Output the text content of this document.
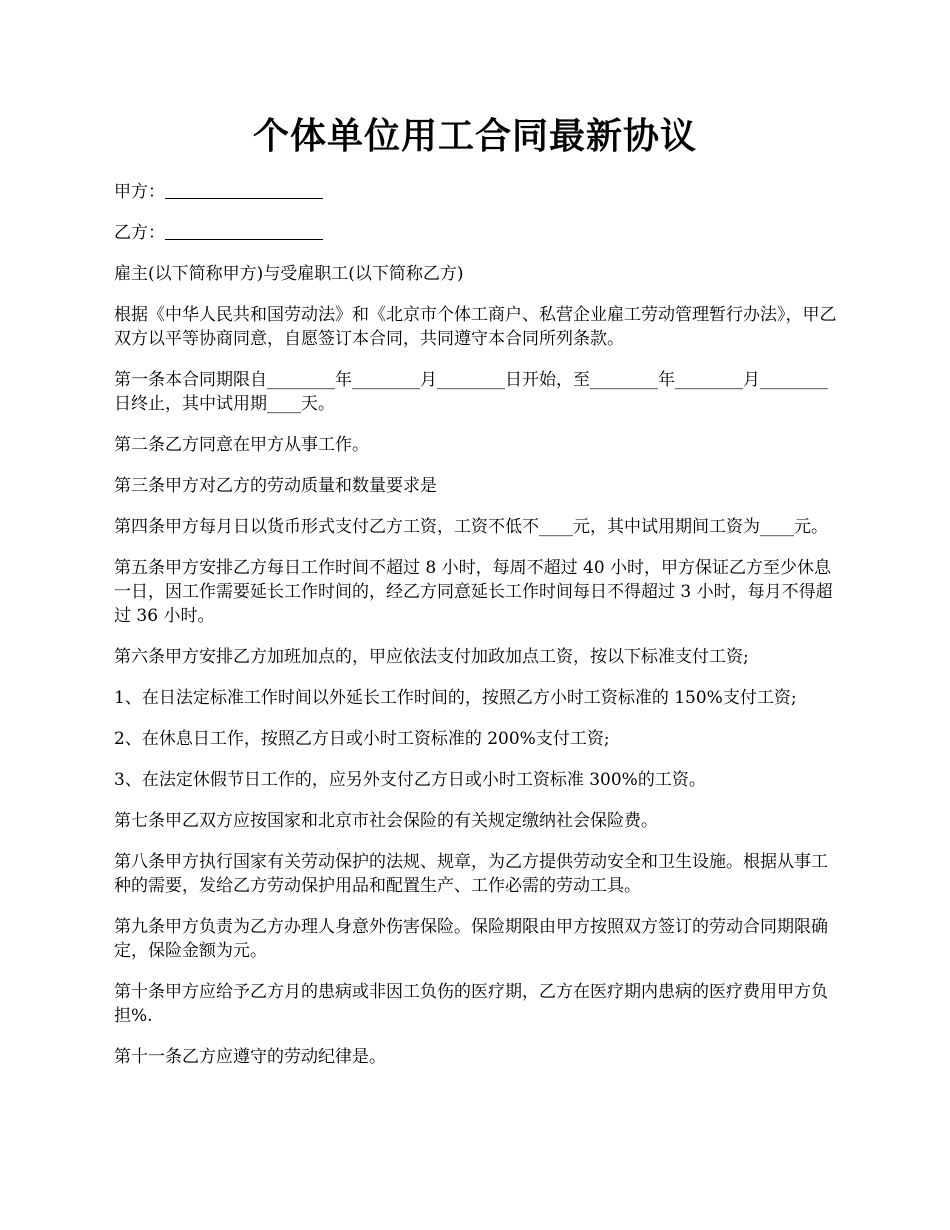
个体单位用工合同最新协议

甲方：

乙方：

雇主(以下简称甲方)与受雇职工(以下简称乙方)

根据《中华人民共和国劳动法》和《北京市个体工商户、私营企业雇工劳动管理暂行办法》，甲乙双方以平等协商同意，自愿签订本合同，共同遵守本合同所列条款。

第一条本合同期限自________年________月________日开始，至________年________月________日终止，其中试用期____天。

第二条乙方同意在甲方从事工作。

第三条甲方对乙方的劳动质量和数量要求是

第四条甲方每月日以货币形式支付乙方工资，工资不低不____元，其中试用期间工资为____元。

第五条甲方安排乙方每日工作时间不超过 8 小时，每周不超过 40 小时，甲方保证乙方至少休息一日，因工作需要延长工作时间的，经乙方同意延长工作时间每日不得超过 3 小时，每月不得超过 36 小时。

第六条甲方安排乙方加班加点的，甲应依法支付加政加点工资，按以下标准支付工资;

1、在日法定标准工作时间以外延长工作时间的，按照乙方小时工资标准的 150%支付工资;

2、在休息日工作，按照乙方日或小时工资标准的 200%支付工资;

3、在法定休假节日工作的，应另外支付乙方日或小时工资标准 300%的工资。

第七条甲乙双方应按国家和北京市社会保险的有关规定缴纳社会保险费。

第八条甲方执行国家有关劳动保护的法规、规章，为乙方提供劳动安全和卫生设施。根据从事工种的需要，发给乙方劳动保护用品和配置生产、工作必需的劳动工具。

第九条甲方负责为乙方办理人身意外伤害保险。保险期限由甲方按照双方签订的劳动合同期限确定，保险金额为元。

第十条甲方应给予乙方月的患病或非因工负伤的医疗期，乙方在医疗期内患病的医疗费用甲方负担%.

第十一条乙方应遵守的劳动纪律是。
